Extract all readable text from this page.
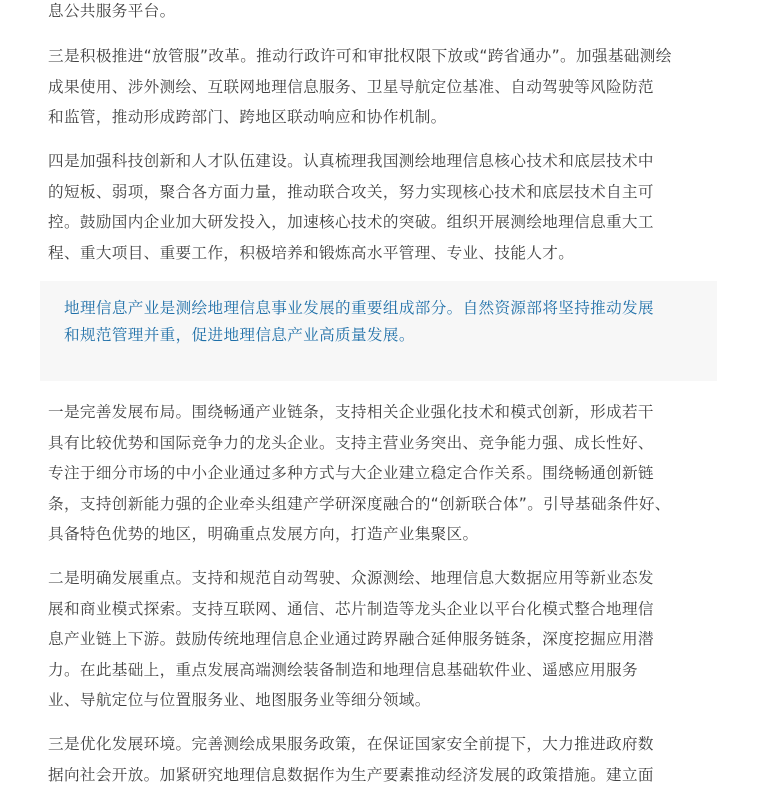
息公共服务平台。

三是积极推进“放管服”改革。推动行政许可和审批权限下放或“跨省通办”。加强基础测绘
成果使用、涉外测绘、互联网地理信息服务、卫星导航定位基准、自动驾驶等风险防范
和监管，推动形成跨部门、跨地区联动响应和协作机制。

四是加强科技创新和人才队伍建设。认真梳理我国测绘地理信息核心技术和底层技术中
的短板、弱项，聚合各方面力量，推动联合攻关，努力实现核心技术和底层技术自主可
控。鼓励国内企业加大研发投入，加速核心技术的突破。组织开展测绘地理信息重大工
程、重大项目、重要工作，积极培养和锻炼高水平管理、专业、技能人才。

地理信息产业是测绘地理信息事业发展的重要组成部分。自然资源部将坚持推动发展
和规范管理并重，促进地理信息产业高质量发展。

一是完善发展布局。围绕畅通产业链条，支持相关企业强化技术和模式创新，形成若干
具有比较优势和国际竞争力的龙头企业。支持主营业务突出、竞争能力强、成长性好、
专注于细分市场的中小企业通过多种方式与大企业建立稳定合作关系。围绕畅通创新链
条，支持创新能力强的企业牵头组建产学研深度融合的“创新联合体”。引导基础条件好、
具备特色优势的地区，明确重点发展方向，打造产业集聚区。

二是明确发展重点。支持和规范自动驾驶、众源测绘、地理信息大数据应用等新业态发
展和商业模式探索。支持互联网、通信、芯片制造等龙头企业以平台化模式整合地理信
息产业链上下游。鼓励传统地理信息企业通过跨界融合延伸服务链条，深度挖掘应用潜
力。在此基础上，重点发展高端测绘装备制造和地理信息基础软件业、遥感应用服务
业、导航定位与位置服务业、地图服务业等细分领域。

三是优化发展环境。完善测绘成果服务政策，在保证国家安全前提下，大力推进政府数
据向社会开放。加紧研究地理信息数据作为生产要素推动经济发展的政策措施。建立面
